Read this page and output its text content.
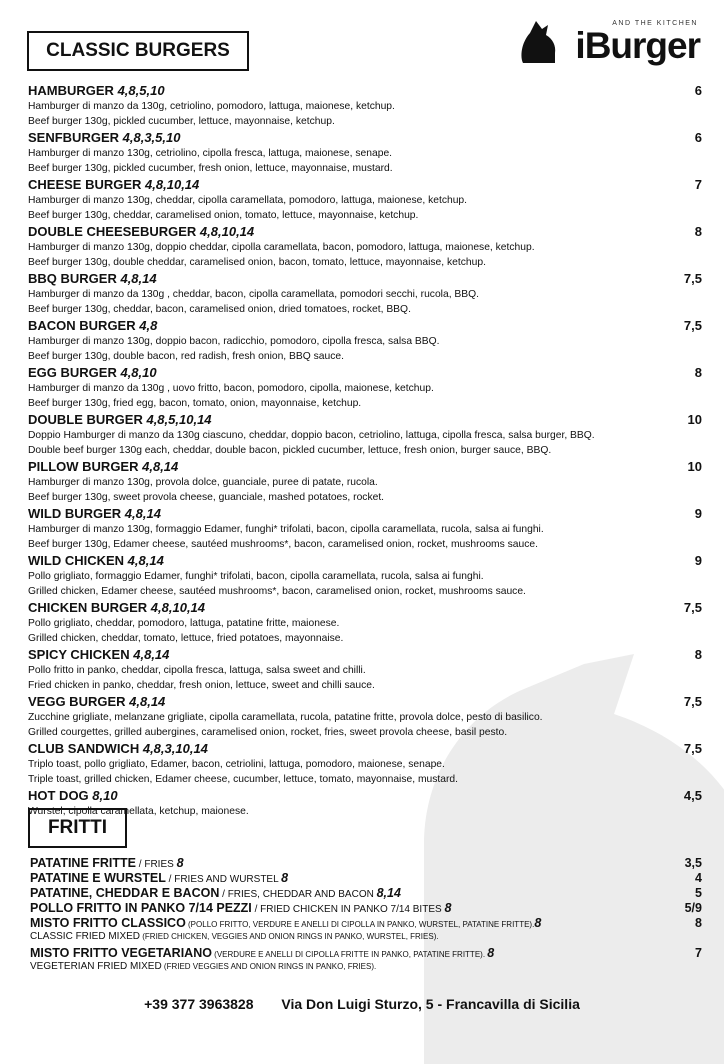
CLASSIC BURGERS
AND THE KITCHEN
iBurger
HAMBURGER 4,8,5,10	6
Hamburger di manzo da 130g, cetriolino, pomodoro, lattuga, maionese, ketchup.
Beef burger 130g, pickled cucumber, lettuce, mayonnaise, ketchup.
SENFBURGER 4,8,3,5,10	6
Hamburger di manzo 130g, cetriolino, cipolla fresca, lattuga, maionese, senape.
Beef burger 130g, pickled cucumber, fresh onion, lettuce, mayonnaise, mustard.
CHEESE BURGER 4,8,10,14	7
Hamburger di manzo 130g, cheddar, cipolla caramellata, pomodoro, lattuga, maionese, ketchup.
Beef burger 130g, cheddar, caramelised onion, tomato, lettuce, mayonnaise, ketchup.
DOUBLE CHEESEBURGER 4,8,10,14	8
Hamburger di manzo 130g, doppio cheddar, cipolla caramellata, bacon, pomodoro, lattuga, maionese, ketchup.
Beef burger 130g, double cheddar, caramelised onion, bacon, tomato, lettuce, mayonnaise, ketchup.
BBQ BURGER 4,8,14	7,5
Hamburger di manzo da 130g , cheddar, bacon, cipolla caramellata, pomodori secchi, rucola, BBQ.
Beef burger 130g, cheddar, bacon, caramelised onion, dried tomatoes, rocket, BBQ.
BACON BURGER 4,8	7,5
Hamburger di manzo 130g, doppio bacon, radicchio, pomodoro, cipolla fresca, salsa BBQ.
Beef burger 130g, double bacon, red radish, fresh onion, BBQ sauce.
EGG BURGER 4,8,10	8
Hamburger di manzo da 130g , uovo fritto, bacon, pomodoro, cipolla, maionese, ketchup.
Beef burger 130g, fried egg, bacon, tomato, onion, mayonnaise, ketchup.
DOUBLE BURGER 4,8,5,10,14	10
Doppio Hamburger di manzo da 130g ciascuno, cheddar, doppio bacon, cetriolino, lattuga, cipolla fresca, salsa burger, BBQ.
Double beef burger 130g each, cheddar, double bacon, pickled cucumber, lettuce, fresh onion, burger sauce, BBQ.
PILLOW BURGER 4,8,14	10
Hamburger di manzo 130g, provola dolce, guanciale, puree di patate, rucola.
Beef burger 130g, sweet provola cheese, guanciale, mashed potatoes, rocket.
WILD BURGER 4,8,14	9
Hamburger di manzo 130g, formaggio Edamer, funghi* trifolati, bacon, cipolla caramellata, rucola, salsa ai funghi.
Beef burger 130g, Edamer cheese, sautéed mushrooms*, bacon, caramelised onion, rocket, mushrooms sauce.
WILD CHICKEN 4,8,14	9
Pollo grigliato, formaggio Edamer, funghi* trifolati, bacon, cipolla caramellata, rucola, salsa ai funghi.
Grilled chicken, Edamer cheese, sautéed mushrooms*, bacon, caramelised onion, rocket, mushrooms sauce.
CHICKEN BURGER 4,8,10,14	7,5
Pollo grigliato, cheddar, pomodoro, lattuga, patatine fritte, maionese.
Grilled chicken, cheddar, tomato, lettuce, fried potatoes, mayonnaise.
SPICY CHICKEN 4,8,14	8
Pollo fritto in panko, cheddar, cipolla fresca, lattuga, salsa sweet and chilli.
Fried chicken in panko, cheddar, fresh onion, lettuce, sweet and chilli sauce.
VEGG BURGER 4,8,14	7,5
Zucchine grigliate, melanzane grigliate, cipolla caramellata, rucola, patatine fritte, provola dolce, pesto di basilico.
Grilled courgettes, grilled aubergines, caramelised onion, rocket, fries, sweet provola cheese, basil pesto.
CLUB SANDWICH 4,8,3,10,14	7,5
Triplo toast, pollo grigliato, Edamer, bacon, cetriolini, lattuga, pomodoro, maionese, senape.
Triple toast, grilled chicken, Edamer cheese, cucumber, lettuce, tomato, mayonnaise, mustard.
HOT DOG 8,10	4,5
Wurstel, cipolla caramellata, ketchup, maionese.
FRITTI
PATATINE FRITTE / FRIES 8	3,5
PATATINE E WURSTEL / FRIES AND WURSTEL 8	4
PATATINE, CHEDDAR E BACON / FRIES, CHEDDAR AND BACON 8,14	5
POLLO FRITTO IN PANKO 7/14 PEZZI / FRIED CHICKEN IN PANKO 7/14 BITES 8	5/9
MISTO FRITTO CLASSICO (POLLO FRITTO, VERDURE E ANELLI DI CIPOLLA IN PANKO, WURSTEL, PATATINE FRITTE).8	8
CLASSIC FRIED MIXED (FRIED CHICKEN, VEGGIES AND ONION RINGS IN PANKO, WURSTEL, FRIES).
MISTO FRITTO VEGETARIANO (VERDURE E ANELLI DI CIPOLLA FRITTE IN PANKO, PATATINE FRITTE). 8	7
VEGETERIAN FRIED MIXED (FRIED VEGGIES AND ONION RINGS IN PANKO, FRIES).
+39 377 3963828 Via Don Luigi Sturzo, 5 - Francavilla di Sicilia
